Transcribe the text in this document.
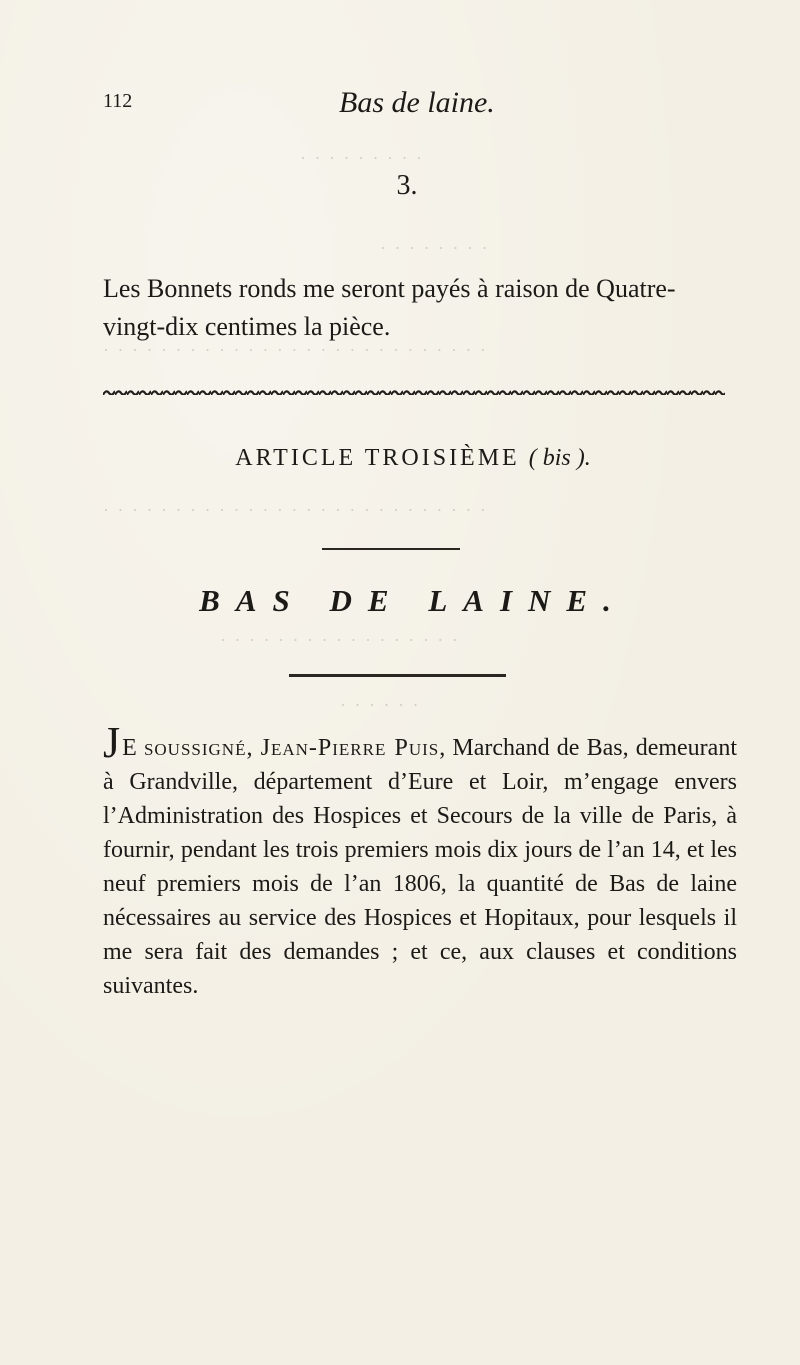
· · · · · · · · ·
· · · · · · · ·
· · · · · · · · · · · · · · · · · · · · · · · · · · ·
· · · · · · · · · · · · · · · · · · · · · · · · · · ·
· · · · · · · · · · · · · · · · ·
· · · · · ·
112	Bas de laine.
3.
Les Bonnets ronds me seront payés à raison de Quatre-vingt-dix centimes la pièce.
ARTICLE TROISIÈME ( bis ).
BAS DE LAINE.

JE soussigné, Jean-Pierre Puis, Marchand de Bas, demeurant à Grandville, département d’Eure et Loir, m’engage envers l’Administration des Hospices et Secours de la ville de Paris, à fournir, pendant les trois premiers mois dix jours de l’an 14, et les neuf premiers mois de l’an 1806, la quantité de Bas de laine nécessaires au service des Hospices et Hopitaux, pour lesquels il me sera fait des demandes ; et ce, aux clauses et conditions suivantes.
